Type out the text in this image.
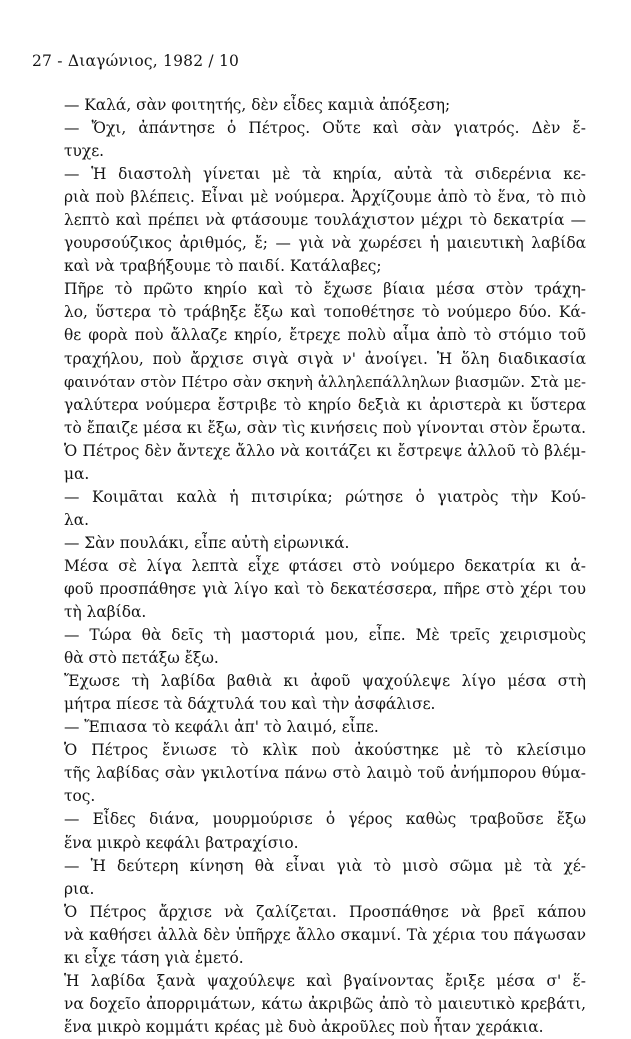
27 - Διαγώνιος, 1982 / 10
— Καλά, σὰν φοιτητής, δὲν εἶδες καμιὰ ἀπόξεση;
— Ὄχι, ἀπάντησε ὁ Πέτρος. Οὔτε καὶ σὰν γιατρός. Δὲν ἔ-
τυχε.
— Ἡ διαστολὴ γίνεται μὲ τὰ κηρία, αὐτὰ τὰ σιδερένια κε-
ριὰ ποὺ βλέπεις. Εἶναι μὲ νούμερα. Ἀρχίζουμε ἀπὸ τὸ ἕνα, τὸ πιὸ
λεπτὸ καὶ πρέπει νὰ φτάσουμε τουλάχιστον μέχρι τὸ δεκατρία —
γουρσούζικος ἀριθμός, ἔ; — γιὰ νὰ χωρέσει ἡ μαιευτικὴ λαβίδα
καὶ νὰ τραβήξουμε τὸ παιδί. Κατάλαβες;
Πῆρε τὸ πρῶτο κηρίο καὶ τὸ ἔχωσε βίαια μέσα στὸν τράχη-
λο, ὕστερα τὸ τράβηξε ἔξω καὶ τοποθέτησε τὸ νούμερο δύο. Κά-
θε φορὰ ποὺ ἄλλαζε κηρίο, ἔτρεχε πολὺ αἷμα ἀπὸ τὸ στόμιο τοῦ
τραχήλου, ποὺ ἄρχισε σιγὰ σιγὰ ν' ἀνοίγει. Ἡ ὅλη διαδικασία
φαινόταν στὸν Πέτρο σὰν σκηνὴ ἀλληλεπάλληλων βιασμῶν. Στὰ με-
γαλύτερα νούμερα ἔστριβε τὸ κηρίο δεξιὰ κι ἀριστερὰ κι ὕστερα
τὸ ἔπαιζε μέσα κι ἔξω, σὰν τὶς κινήσεις ποὺ γίνονται στὸν ἔρωτα.
Ὁ Πέτρος δὲν ἄντεχε ἄλλο νὰ κοιτάζει κι ἔστρεψε ἀλλοῦ τὸ βλέμ-
μα.
— Κοιμᾶται καλὰ ἡ πιτσιρίκα; ρώτησε ὁ γιατρὸς τὴν Κού-
λα.
— Σὰν πουλάκι, εἶπε αὐτὴ εἰρωνικά.
Μέσα σὲ λίγα λεπτὰ εἶχε φτάσει στὸ νούμερο δεκατρία κι ἀ-
φοῦ προσπάθησε γιὰ λίγο καὶ τὸ δεκατέσσερα, πῆρε στὸ χέρι του
τὴ λαβίδα.
— Τώρα θὰ δεῖς τὴ μαστοριά μου, εἶπε. Μὲ τρεῖς χειρισμοὺς
θὰ στὸ πετάξω ἔξω.
Ἔχωσε τὴ λαβίδα βαθιὰ κι ἀφοῦ ψαχούλεψε λίγο μέσα στὴ
μήτρα πίεσε τὰ δάχτυλά του καὶ τὴν ἀσφάλισε.
— Ἔπιασα τὸ κεφάλι ἀπ' τὸ λαιμό, εἶπε.
Ὁ Πέτρος ἔνιωσε τὸ κλὶκ ποὺ ἀκούστηκε μὲ τὸ κλείσιμο
τῆς λαβίδας σὰν γκιλοτίνα πάνω στὸ λαιμὸ τοῦ ἀνήμπορου θύμα-
τος.
— Εἶδες διάνα, μουρμούρισε ὁ γέρος καθὼς τραβοῦσε ἔξω
ἕνα μικρὸ κεφάλι βατραχίσιο.
— Ἡ δεύτερη κίνηση θὰ εἶναι γιὰ τὸ μισὸ σῶμα μὲ τὰ χέ-
ρια.
Ὁ Πέτρος ἄρχισε νὰ ζαλίζεται. Προσπάθησε νὰ βρεῖ κάπου
νὰ καθήσει ἀλλὰ δὲν ὑπῆρχε ἄλλο σκαμνί. Τὰ χέρια του πάγωσαν
κι εἶχε τάση γιὰ ἐμετό.
Ἡ λαβίδα ξανὰ ψαχούλεψε καὶ βγαίνοντας ἔριξε μέσα σ' ἕ-
να δοχεῖο ἀπορριμάτων, κάτω ἀκριβῶς ἀπὸ τὸ μαιευτικὸ κρεβάτι,
ἕνα μικρὸ κομμάτι κρέας μὲ δυὸ ἀκροῦλες ποὺ ἦταν χεράκια.
